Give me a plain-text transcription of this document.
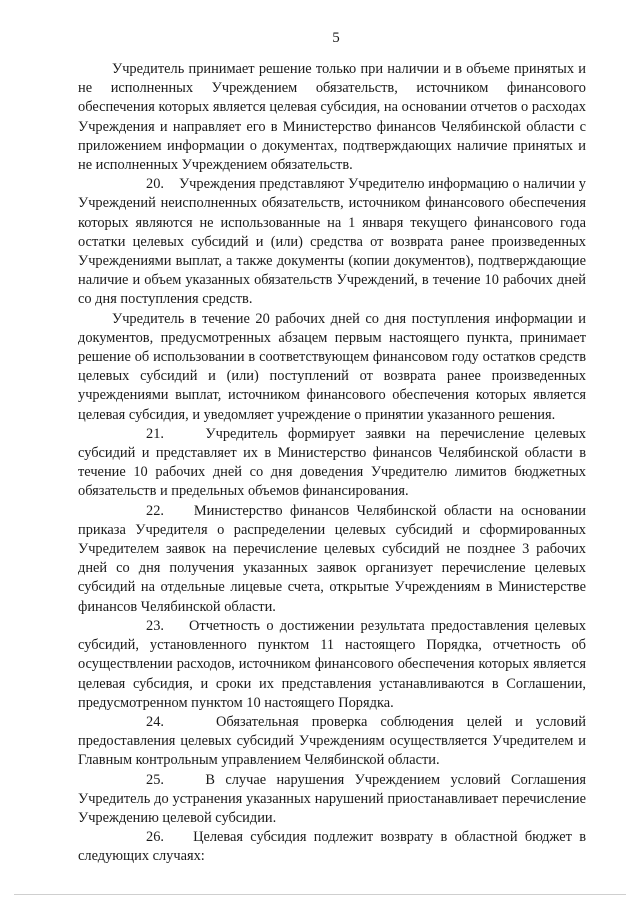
5

Учредитель принимает решение только при наличии и в объеме принятых и не исполненных Учреждением обязательств, источником финансового обеспечения которых является целевая субсидия, на основании отчетов о расходах Учреждения и направляет его в Министерство финансов Челябинской области с приложением информации о документах, подтверждающих наличие принятых и не исполненных Учреждением обязательств.

20. Учреждения представляют Учредителю информацию о наличии у Учреждений неисполненных обязательств, источником финансового обеспечения которых являются не использованные на 1 января текущего финансового года остатки целевых субсидий и (или) средства от возврата ранее произведенных Учреждениями выплат, а также документы (копии документов), подтверждающие наличие и объем указанных обязательств Учреждений, в течение 10 рабочих дней со дня поступления средств.

Учредитель в течение 20 рабочих дней со дня поступления информации и документов, предусмотренных абзацем первым настоящего пункта, принимает решение об использовании в соответствующем финансовом году остатков средств целевых субсидий и (или) поступлений от возврата ранее произведенных учреждениями выплат, источником финансового обеспечения которых является целевая субсидия, и уведомляет учреждение о принятии указанного решения.

21.	Учредитель формирует заявки на перечисление целевых субсидий и представляет их в Министерство финансов Челябинской области в течение 10 рабочих дней со дня доведения Учредителю лимитов бюджетных обязательств и предельных объемов финансирования.

22. Министерство финансов Челябинской области на основании приказа Учредителя о распределении целевых субсидий и сформированных Учредителем заявок на перечисление целевых субсидий не позднее 3 рабочих дней со дня получения указанных заявок организует перечисление целевых субсидий на отдельные лицевые счета, открытые Учреждениям в Министерстве финансов Челябинской области.

23. Отчетность о достижении результата предоставления целевых субсидий, установленного пунктом 11 настоящего Порядка, отчетность об осуществлении расходов, источником финансового обеспечения которых является целевая субсидия, и сроки их представления устанавливаются в Соглашении, предусмотренном пунктом 10 настоящего Порядка.

24.	Обязательная проверка соблюдения целей и условий предоставления целевых субсидий Учреждениям осуществляется Учредителем и Главным контрольным управлением Челябинской области.

25.	В случае нарушения Учреждением условий Соглашения Учредитель до устранения указанных нарушений приостанавливает перечисление Учреждению целевой субсидии.

26. Целевая субсидия подлежит возврату в областной бюджет в следующих случаях:
